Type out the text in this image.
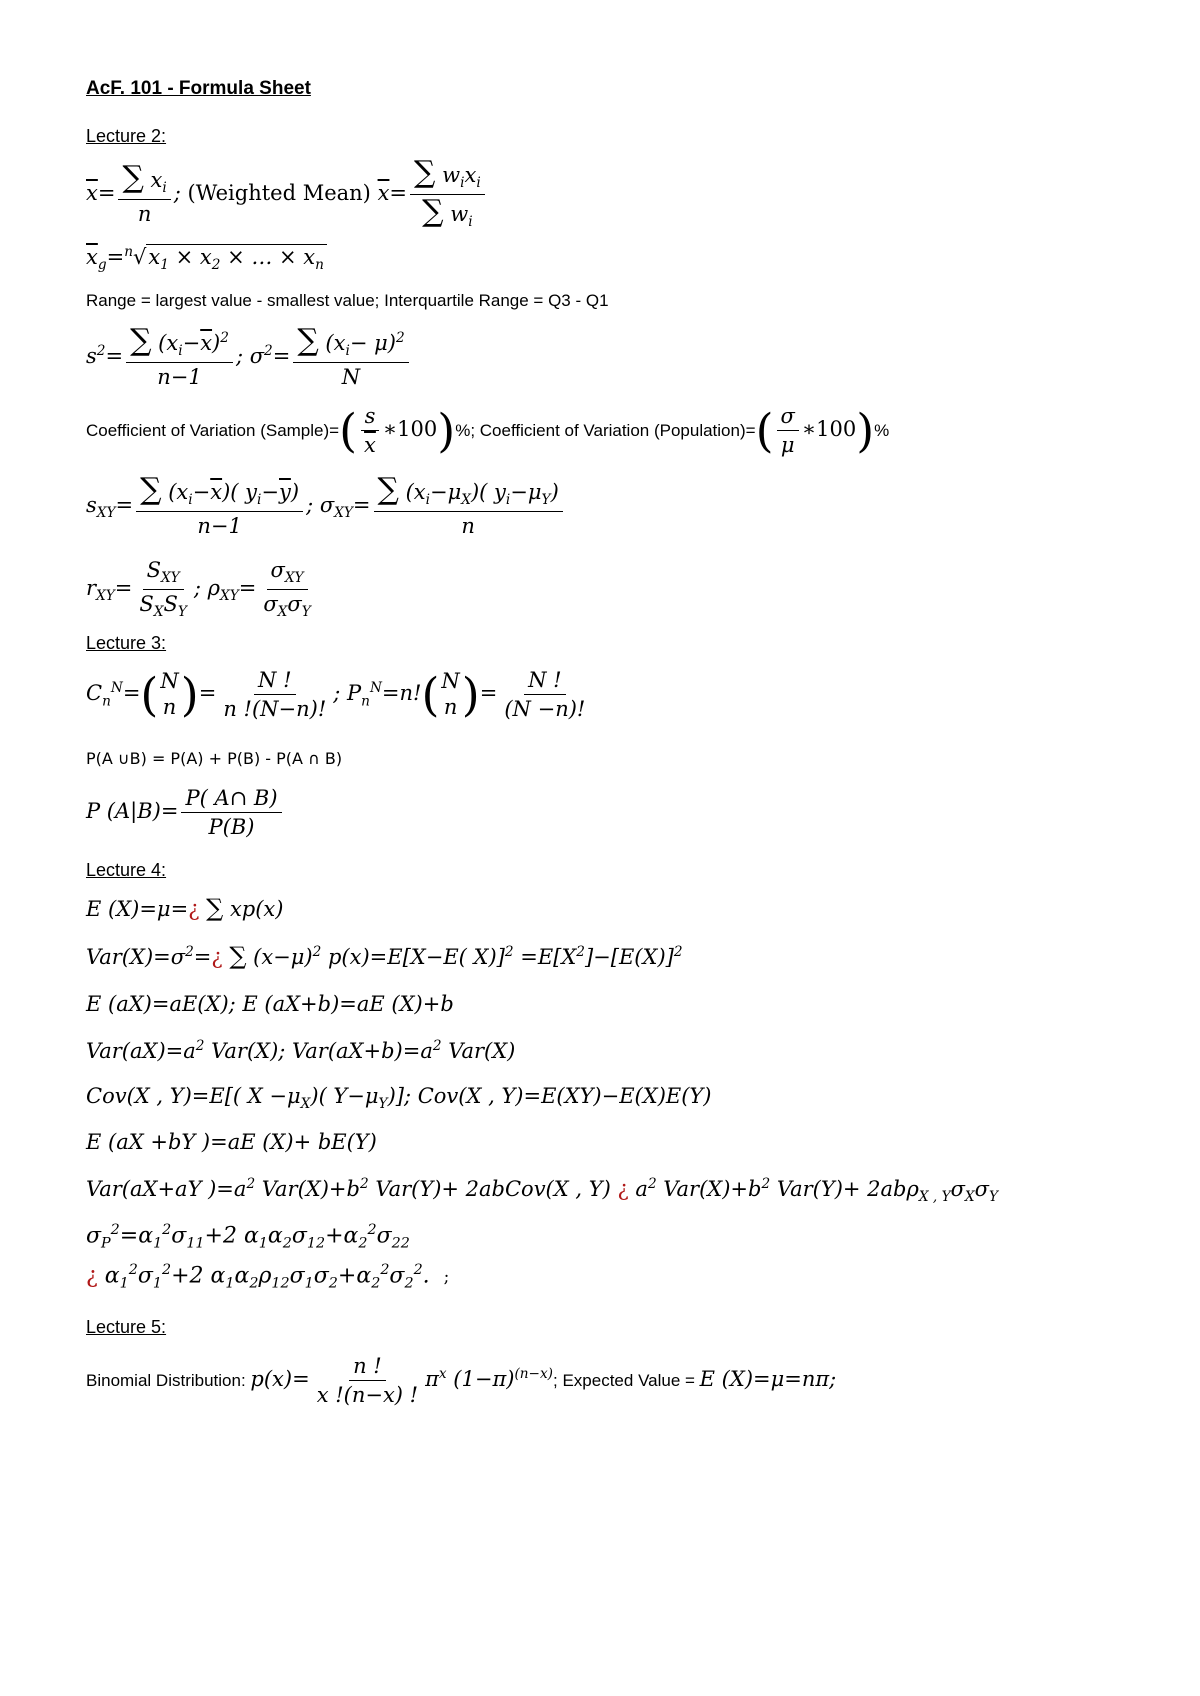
AcF. 101 - Formula Sheet
Lecture 2:
$\overline{x}= \frac{\sum x_i}{n}$ ; (Weighted Mean) $\overline{x}= \frac{\sum w_ix_i}{\sum w_i}$
$\overline{x}_g=^n√x_1 \times x_2$ × … × $x_n$
Range = largest value - smallest value; Interquartile Range = Q3 - Q1
$s^2= \frac{\sum (x_i-\overline{x})^2}{n-1}$ ; $\sigma^2= \frac{\sum (x_i- \mu)^2}{N}$
Coefficient of Variation (Sample)=( $\frac{s}{x}$ ∗100)%; Coefficient of Variation (Population)=( $\frac{\sigma}{\mu}$ ∗100)%
$s_{XY}= \frac{\sum (x_i-\overline{x})( y_i-\overline{y})}{n-1}$ ; $\sigma_{XY}= \frac{\sum (x_i-\mu_X)( y_i-\mu_Y)}{n}$
$r_{XY}= \frac{S_{XY}}{S_XS_Y}$ ; $\rho_{XY}= \frac{\sigma_{XY}}{\sigma_X\sigma_Y}$
Lecture 3:
$C_n^N=$( N
n )= $\frac{N !}{n !(N-n)!}$ ; $P_n^N=n$!( N
n )= $\frac{N !}{(N -n)!}$
P(A ∪B) = P(A) + P(B) - P(A ∩ B)
P $(A|B)= \frac{P( A\cap B)}{P(B)}$
Lecture 4:
E (X)=μ=¿ ∑ xp(x)
$Var(X)=\sigma^2=¿$ ∑ $(x-\mu)^2$ p(x)=E[X−E( $X)]^2 =E[X^2]-[E(X)]^2$
E (aX)=aE(X); E (aX+b)=aE (X)+b
$Var(aX)=a^2$ Var(X); $Var(aX+b)=a^2$ Var(X)
Cov(X , Y)=E[( $X -\mu_X$)( $Y-\mu_Y$)]; Cov(X , Y)=E(XY)−E(X)E(Y)
E (aX +bY )=aE (X)+ bE(Y)
Var(aX+aY )$=a^2$ $Var(X)+b^2$ Var(Y)+ 2abCov(X , Y) ¿ $a^2$ $Var(X)+b^2$ $Var(Y)+ 2ab\rho_{X , Y}\sigma_X\sigma_Y$
$\sigma_P^2=\alpha_1^2\sigma_{11}+2$ $\alpha_1\alpha_2\sigma_{12}+\alpha_2^2\sigma_{22}$
¿ $\alpha_1^2\sigma_1^2+2$ $\alpha_1\alpha_2\rho_{12}\sigma_1\sigma_2+\alpha_2^2\sigma_2^2$. ;
Lecture 5:
Binomial Distribution: $p(x)= \frac{n !}{x !(n-x) !} \pi^x$ $(1-\pi)^{(n-x)}$; Expected Value = E (X)=μ=nπ;
